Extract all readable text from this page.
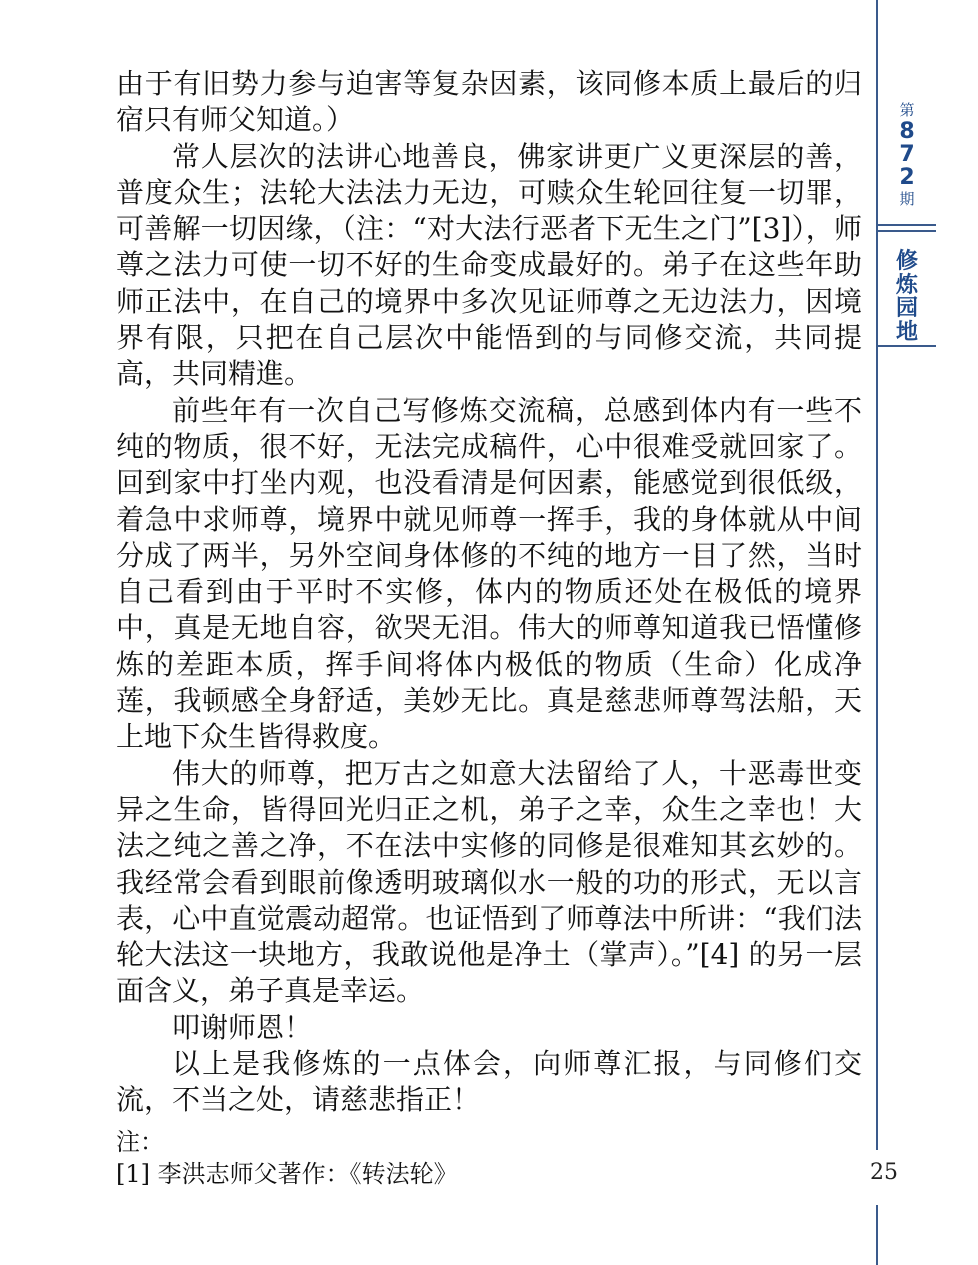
由于有旧势力参与迫害等复杂因素，该同修本质上最后的归宿只有师父知道。）

常人层次的法讲心地善良，佛家讲更广义更深层的善，普度众生；法轮大法法力无边，可赎众生轮回往复一切罪，可善解一切因缘，（注：“对大法行恶者下无生之门”[3]），师尊之法力可使一切不好的生命变成最好的。弟子在这些年助师正法中，在自己的境界中多次见证师尊之无边法力，因境界有限，只把在自己层次中能悟到的与同修交流，共同提高，共同精進。

前些年有一次自己写修炼交流稿，总感到体内有一些不纯的物质，很不好，无法完成稿件，心中很难受就回家了。回到家中打坐内观，也没看清是何因素，能感觉到很低级，着急中求师尊，境界中就见师尊一挥手，我的身体就从中间分成了两半，另外空间身体修的不纯的地方一目了然，当时自己看到由于平时不实修，体内的物质还处在极低的境界中，真是无地自容，欲哭无泪。伟大的师尊知道我已悟懂修炼的差距本质，挥手间将体内极低的物质（生命）化成净莲，我顿感全身舒适，美妙无比。真是慈悲师尊驾法船，天上地下众生皆得救度。

伟大的师尊，把万古之如意大法留给了人，十恶毒世变异之生命，皆得回光归正之机，弟子之幸，众生之幸也！大法之纯之善之净，不在法中实修的同修是很难知其玄妙的。我经常会看到眼前像透明玻璃似水一般的功的形式，无以言表，心中直觉震动超常。也证悟到了师尊法中所讲：“我们法轮大法这一块地方，我敢说他是净土（掌声）。”[4] 的另一层面含义，弟子真是幸运。

叩谢师恩！

以上是我修炼的一点体会，向师尊汇报，与同修们交流，不当之处，请慈悲指正！

注：
[1] 李洪志师父著作：《转法轮》
第
8
7
2
期
修
炼
园
地
25
